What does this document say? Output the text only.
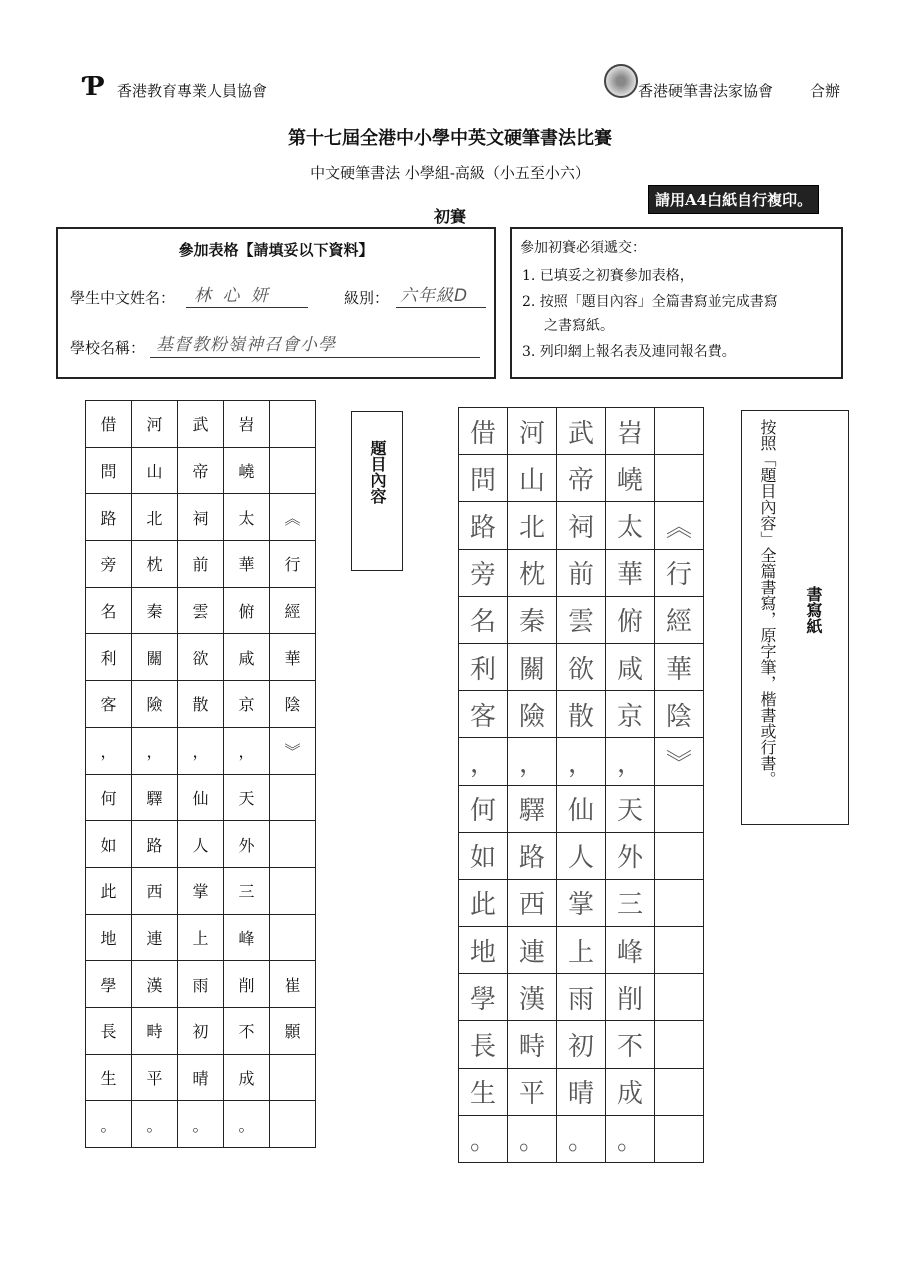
Ƥ 香港教育專業人員協會	香港硬筆書法家協會 合辦
第十七屆全港中小學中英文硬筆書法比賽
中文硬筆書法 小學組-高級（小五至小六）
請用A4白紙自行複印。
初賽
參加表格【請填妥以下資料】
學生中文姓名： 林 心 妍	級別： 六年級D
學校名稱： 基督教粉嶺神召會小學
參加初賽必須遞交：
1. 已填妥之初賽參加表格，
2. 按照「題目內容」全篇書寫並完成書寫
之書寫紙。
3. 列印網上報名表及連同報名費。
借	河	武	岧	
問	山	帝	嶢	
路	北	祠	太	︽
旁	枕	前	華	行
名	秦	雲	俯	經
利	關	欲	咸	華
客	險	散	京	陰
，	，	，	，	︾
何	驛	仙	天	
如	路	人	外	
此	西	掌	三	
地	連	上	峰	
學	漢	雨	削	崔
長	畤	初	不	顥
生	平	晴	成	
。	。	。	。	
題目內容
借	河	武	岧	
問	山	帝	嶢	
路	北	祠	太	︽
旁	枕	前	華	行
名	秦	雲	俯	經
利	關	欲	咸	華
客	險	散	京	陰
，	，	，	，	︾
何	驛	仙	天	
如	路	人	外	
此	西	掌	三	
地	連	上	峰	
學	漢	雨	削	
長	畤	初	不	
生	平	晴	成	
。	。	。	。	
按照「題目內容」全篇書寫，原字筆，楷書或行書。 書寫紙
